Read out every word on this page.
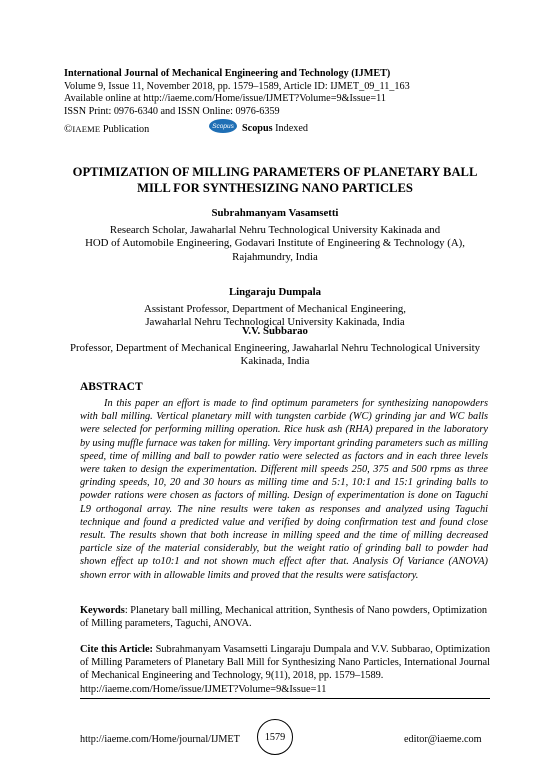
International Journal of Mechanical Engineering and Technology (IJMET)
Volume 9, Issue 11, November 2018, pp. 1579–1589, Article ID: IJMET_09_11_163
Available online at http://iaeme.com/Home/issue/IJMET?Volume=9&Issue=11
ISSN Print: 0976-6340 and ISSN Online: 0976-6359
©IAEME Publication	Scopus Scopus Indexed
OPTIMIZATION OF MILLING PARAMETERS OF PLANETARY BALL
MILL FOR SYNTHESIZING NANO PARTICLES
Subrahmanyam Vasamsetti
Research Scholar, Jawaharlal Nehru Technological University Kakinada and
HOD of Automobile Engineering, Godavari Institute of Engineering & Technology (A),
Rajahmundry, India
Lingaraju Dumpala
Assistant Professor, Department of Mechanical Engineering,
Jawaharlal Nehru Technological University Kakinada, India
V.V. Subbarao
Professor, Department of Mechanical Engineering, Jawaharlal Nehru Technological University
Kakinada, India
ABSTRACT
In this paper an effort is made to find optimum parameters for synthesizing nanopowders with ball milling. Vertical planetary mill with tungsten carbide (WC) grinding jar and WC balls were selected for performing milling operation. Rice husk ash (RHA) prepared in the laboratory by using muffle furnace was taken for milling. Very important grinding parameters such as milling speed, time of milling and ball to powder ratio were selected as factors and in each three levels were taken to design the experimentation. Different mill speeds 250, 375 and 500 rpms as three grinding speeds, 10, 20 and 30 hours as milling time and 5:1, 10:1 and 15:1 grinding balls to powder rations were chosen as factors of milling. Design of experimentation is done on Taguchi L9 orthogonal array. The nine results were taken as responses and analyzed using Taguchi technique and found a predicted value and verified by doing confirmation test and found close result. The results shown that both increase in milling speed and the time of milling decreased particle size of the material considerably, but the weight ratio of grinding ball to powder had shown effect up to10:1 and not shown much effect after that. Analysis Of Variance (ANOVA) shown error with in allowable limits and proved that the results were satisfactory.
Keywords: Planetary ball milling, Mechanical attrition, Synthesis of Nano powders, Optimization of Milling parameters, Taguchi, ANOVA.
Cite this Article: Subrahmanyam Vasamsetti Lingaraju Dumpala and V.V. Subbarao, Optimization of Milling Parameters of Planetary Ball Mill for Synthesizing Nano Particles, International Journal of Mechanical Engineering and Technology, 9(11), 2018, pp. 1579–1589.
http://iaeme.com/Home/issue/IJMET?Volume=9&Issue=11
http://iaeme.com/Home/journal/IJMET 1579	editor@iaeme.com
